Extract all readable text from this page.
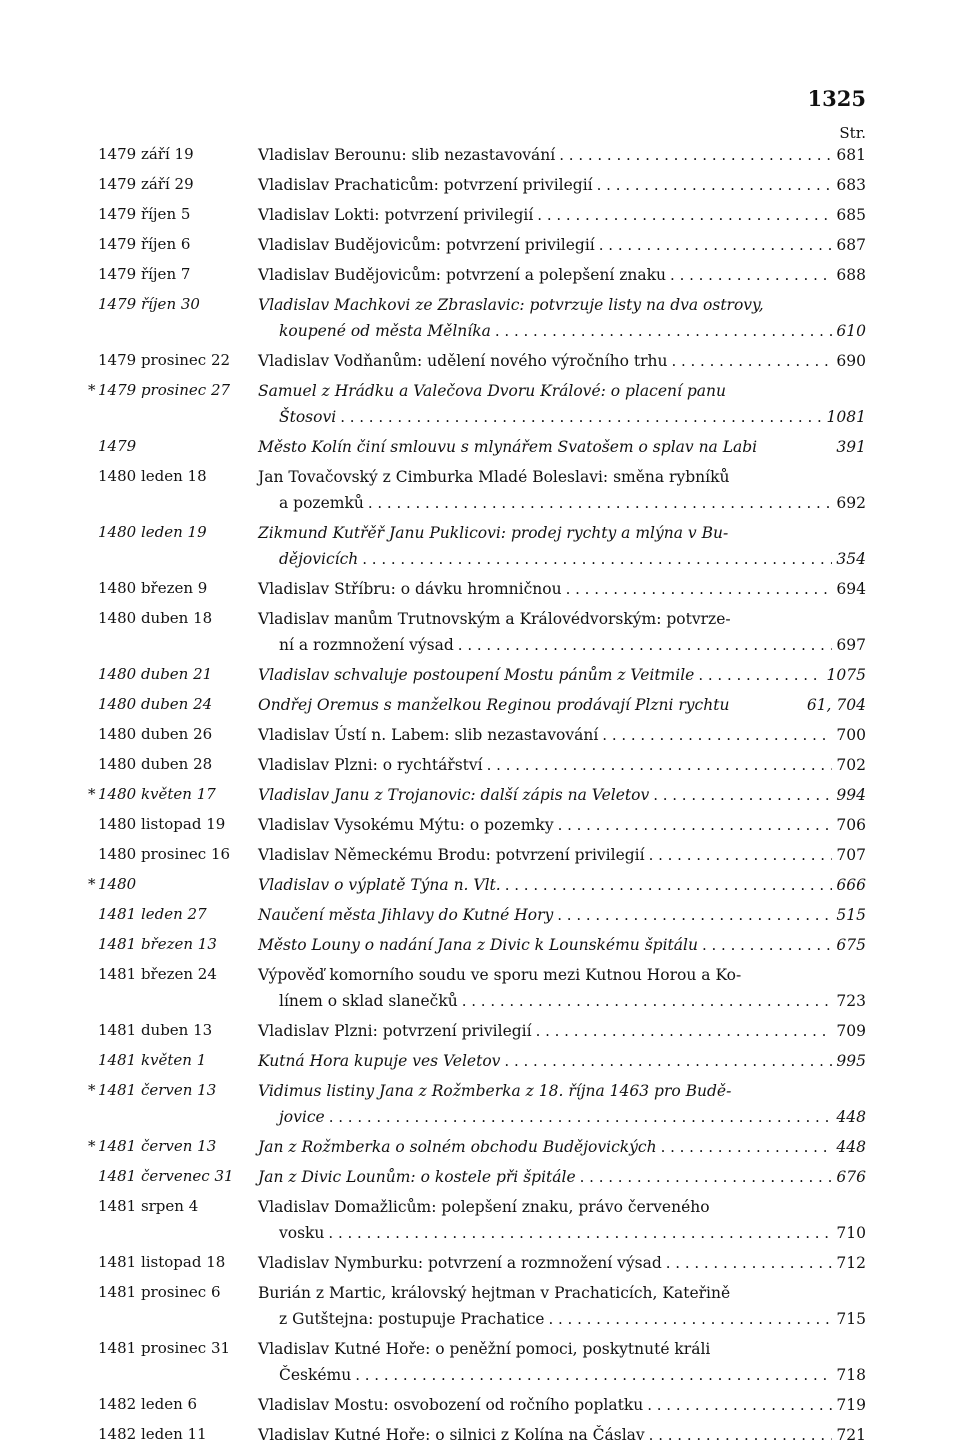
1325
Str.
1479 září 19	Vladislav Berounu: slib nezastavování . . .	681
1479 září 29	Vladislav Prachaticům: potvrzení privilegií . . .	683
1479 říjen 5	Vladislav Lokti: potvrzení privilegií . . .	685
1479 říjen 6	Vladislav Budějovicům: potvrzení privilegií . . .	687
1479 říjen 7	Vladislav Budějovicům: potvrzení a polepšení znaku . . .	688
1479 říjen 30	Vladislav Machkovi ze Zbraslavic: potvrzuje listy na dva ostrovy,
koupené od města Mělníka . . .	610
1479 prosinec 22	Vladislav Vodňanům: udělení nového výročního trhu . . .	690
* 1479 prosinec 27	Samuel z Hrádku a Valečova Dvoru Králové: o placení panu
Štosovi . . .	1081
1479	Město Kolín činí smlouvu s mlynářem Svatošem o splav na Labi	391
1480 leden 18	Jan Tovačovský z Cimburka Mladé Boleslavi: směna rybníků
a pozemků . . .	692
1480 leden 19	Zikmund Kutřěř Janu Puklicovi: prodej rychty a mlýna v Bu-
dějovicích . . .	354
1480 březen 9	Vladislav Stříbru: o dávku hromničnou . . .	694
1480 duben 18	Vladislav manům Trutnovským a Královédvorským: potvrze-
ní a rozmnožení výsad . . .	697
1480 duben 21	Vladislav schvaluje postoupení Mostu pánům z Veitmile . . .	1075
1480 duben 24	Ondřej Oremus s manželkou Reginou prodávají Plzni rychtu	61, 704
1480 duben 26	Vladislav Ústí n. Labem: slib nezastavování . . .	700
1480 duben 28	Vladislav Plzni: o rychtářství . . .	702
* 1480 květen 17	Vladislav Janu z Trojanovic: další zápis na Veletov . . .	994
1480 listopad 19	Vladislav Vysokému Mýtu: o pozemky . . .	706
1480 prosinec 16	Vladislav Německému Brodu: potvrzení privilegií . . .	707
* 1480	Vladislav o výplatě Týna n. Vlt. . . .	666
1481 leden 27	Naučení města Jihlavy do Kutné Hory . . .	515
1481 březen 13	Město Louny o nadání Jana z Divic k Lounskému špitálu . . .	675
1481 březen 24	Výpověď komorního soudu ve sporu mezi Kutnou Horou a Ko-
línem o sklad slanečků . . .	723
1481 duben 13	Vladislav Plzni: potvrzení privilegií . . .	709
1481 květen 1	Kutná Hora kupuje ves Veletov . . .	995
* 1481 červen 13	Vidimus listiny Jana z Rožmberka z 18. října 1463 pro Budě-
jovice . . .	448
* 1481 červen 13	Jan z Rožmberka o solném obchodu Budějovických . . .	448
1481 červenec 31	Jan z Divic Lounům: o kostele při špitále . . .	676
1481 srpen 4	Vladislav Domažlicům: polepšení znaku, právo červeného
vosku . . .	710
1481 listopad 18	Vladislav Nymburku: potvrzení a rozmnožení výsad . . .	712
1481 prosinec 6	Burián z Martic, královský hejtman v Prachaticích, Kateřině
z Gutštejna: postupuje Prachatice . . .	715
1481 prosinec 31	Vladislav Kutné Hoře: o peněžní pomoci, poskytnuté králi
Českému . . .	718
1482 leden 6	Vladislav Mostu: osvobození od ročního poplatku . . .	719
1482 leden 11	Vladislav Kutné Hoře: o silnici z Kolína na Čáslav . . .	721
